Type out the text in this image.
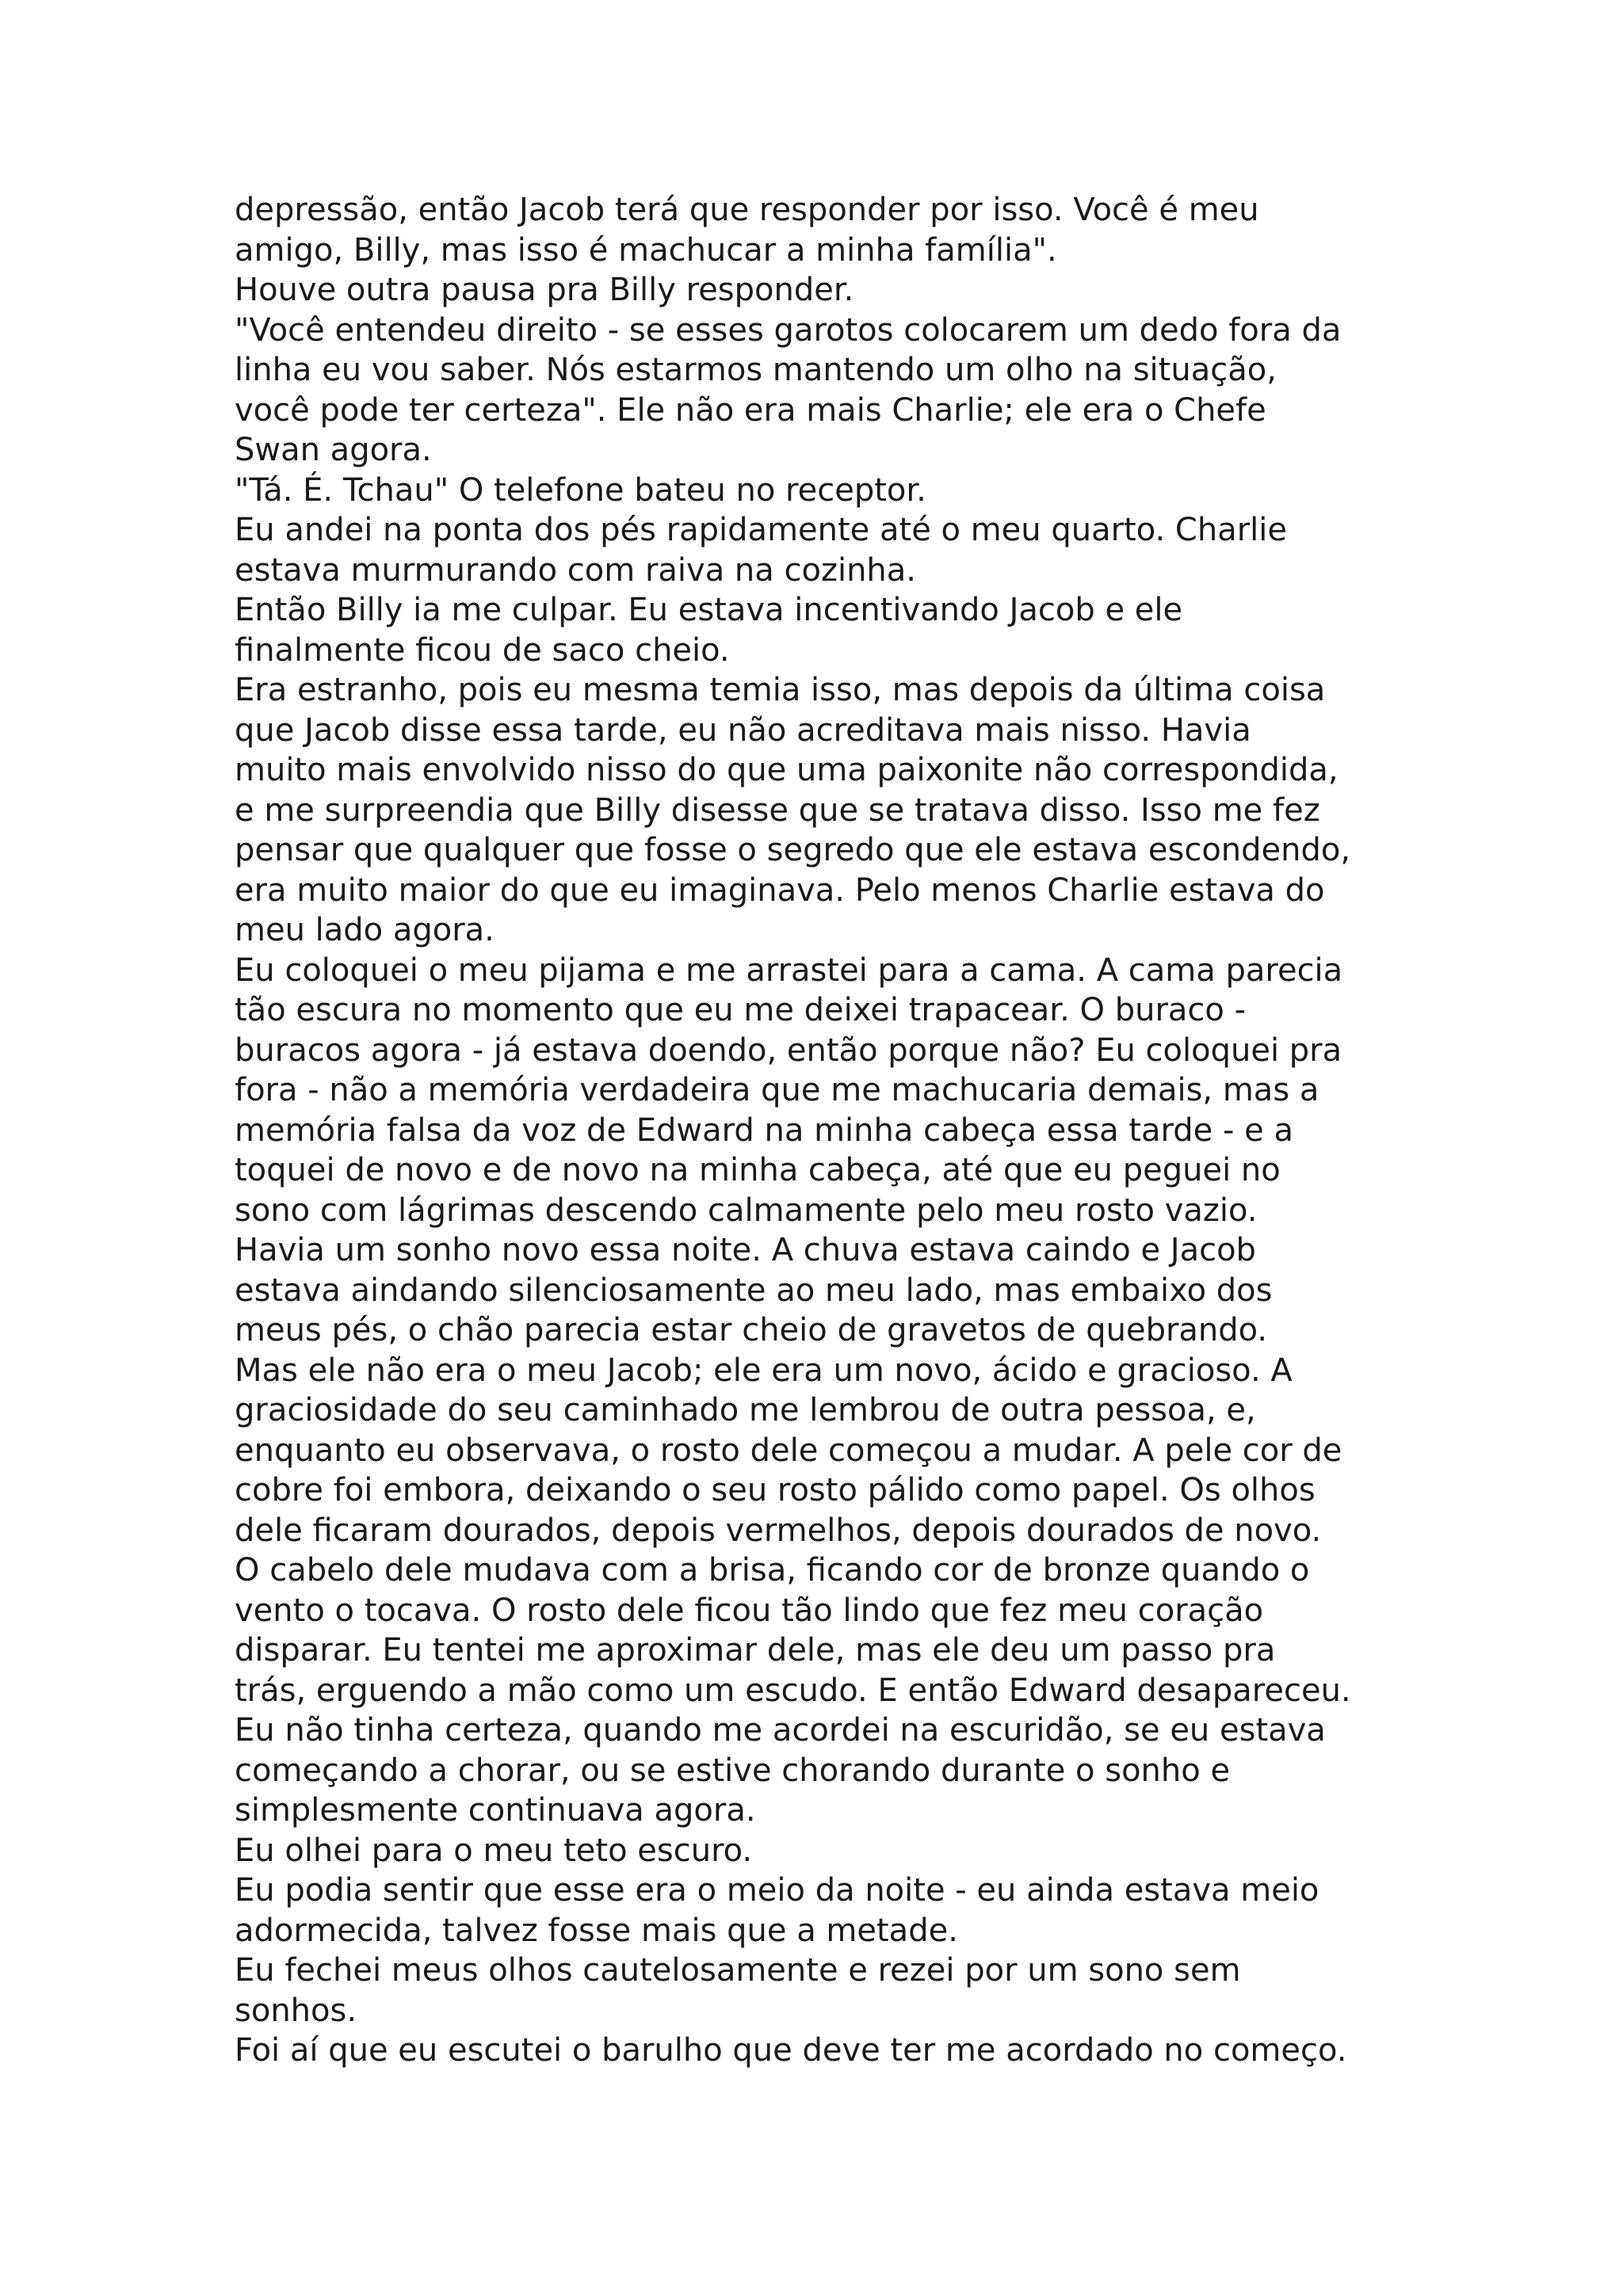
depressão, então Jacob terá que responder por isso. Você é meu
amigo, Billy, mas isso é machucar a minha família".
Houve outra pausa pra Billy responder.
"Você entendeu direito - se esses garotos colocarem um dedo fora da
linha eu vou saber. Nós estarmos mantendo um olho na situação,
você pode ter certeza". Ele não era mais Charlie; ele era o Chefe
Swan agora.
"Tá. É. Tchau" O telefone bateu no receptor.
Eu andei na ponta dos pés rapidamente até o meu quarto. Charlie
estava murmurando com raiva na cozinha.
Então Billy ia me culpar. Eu estava incentivando Jacob e ele
finalmente ficou de saco cheio.
Era estranho, pois eu mesma temia isso, mas depois da última coisa
que Jacob disse essa tarde, eu não acreditava mais nisso. Havia
muito mais envolvido nisso do que uma paixonite não correspondida,
e me surpreendia que Billy disesse que se tratava disso. Isso me fez
pensar que qualquer que fosse o segredo que ele estava escondendo,
era muito maior do que eu imaginava. Pelo menos Charlie estava do
meu lado agora.
Eu coloquei o meu pijama e me arrastei para a cama. A cama parecia
tão escura no momento que eu me deixei trapacear. O buraco -
buracos agora - já estava doendo, então porque não? Eu coloquei pra
fora - não a memória verdadeira que me machucaria demais, mas a
memória falsa da voz de Edward na minha cabeça essa tarde - e a
toquei de novo e de novo na minha cabeça, até que eu peguei no
sono com lágrimas descendo calmamente pelo meu rosto vazio.
Havia um sonho novo essa noite. A chuva estava caindo e Jacob
estava aindando silenciosamente ao meu lado, mas embaixo dos
meus pés, o chão parecia estar cheio de gravetos de quebrando.
Mas ele não era o meu Jacob; ele era um novo, ácido e gracioso. A
graciosidade do seu caminhado me lembrou de outra pessoa, e,
enquanto eu observava, o rosto dele começou a mudar. A pele cor de
cobre foi embora, deixando o seu rosto pálido como papel. Os olhos
dele ficaram dourados, depois vermelhos, depois dourados de novo.
O cabelo dele mudava com a brisa, ficando cor de bronze quando o
vento o tocava. O rosto dele ficou tão lindo que fez meu coração
disparar. Eu tentei me aproximar dele, mas ele deu um passo pra
trás, erguendo a mão como um escudo. E então Edward desapareceu.
Eu não tinha certeza, quando me acordei na escuridão, se eu estava
começando a chorar, ou se estive chorando durante o sonho e
simplesmente continuava agora.
Eu olhei para o meu teto escuro.
Eu podia sentir que esse era o meio da noite - eu ainda estava meio
adormecida, talvez fosse mais que a metade.
Eu fechei meus olhos cautelosamente e rezei por um sono sem
sonhos.
Foi aí que eu escutei o barulho que deve ter me acordado no começo.
